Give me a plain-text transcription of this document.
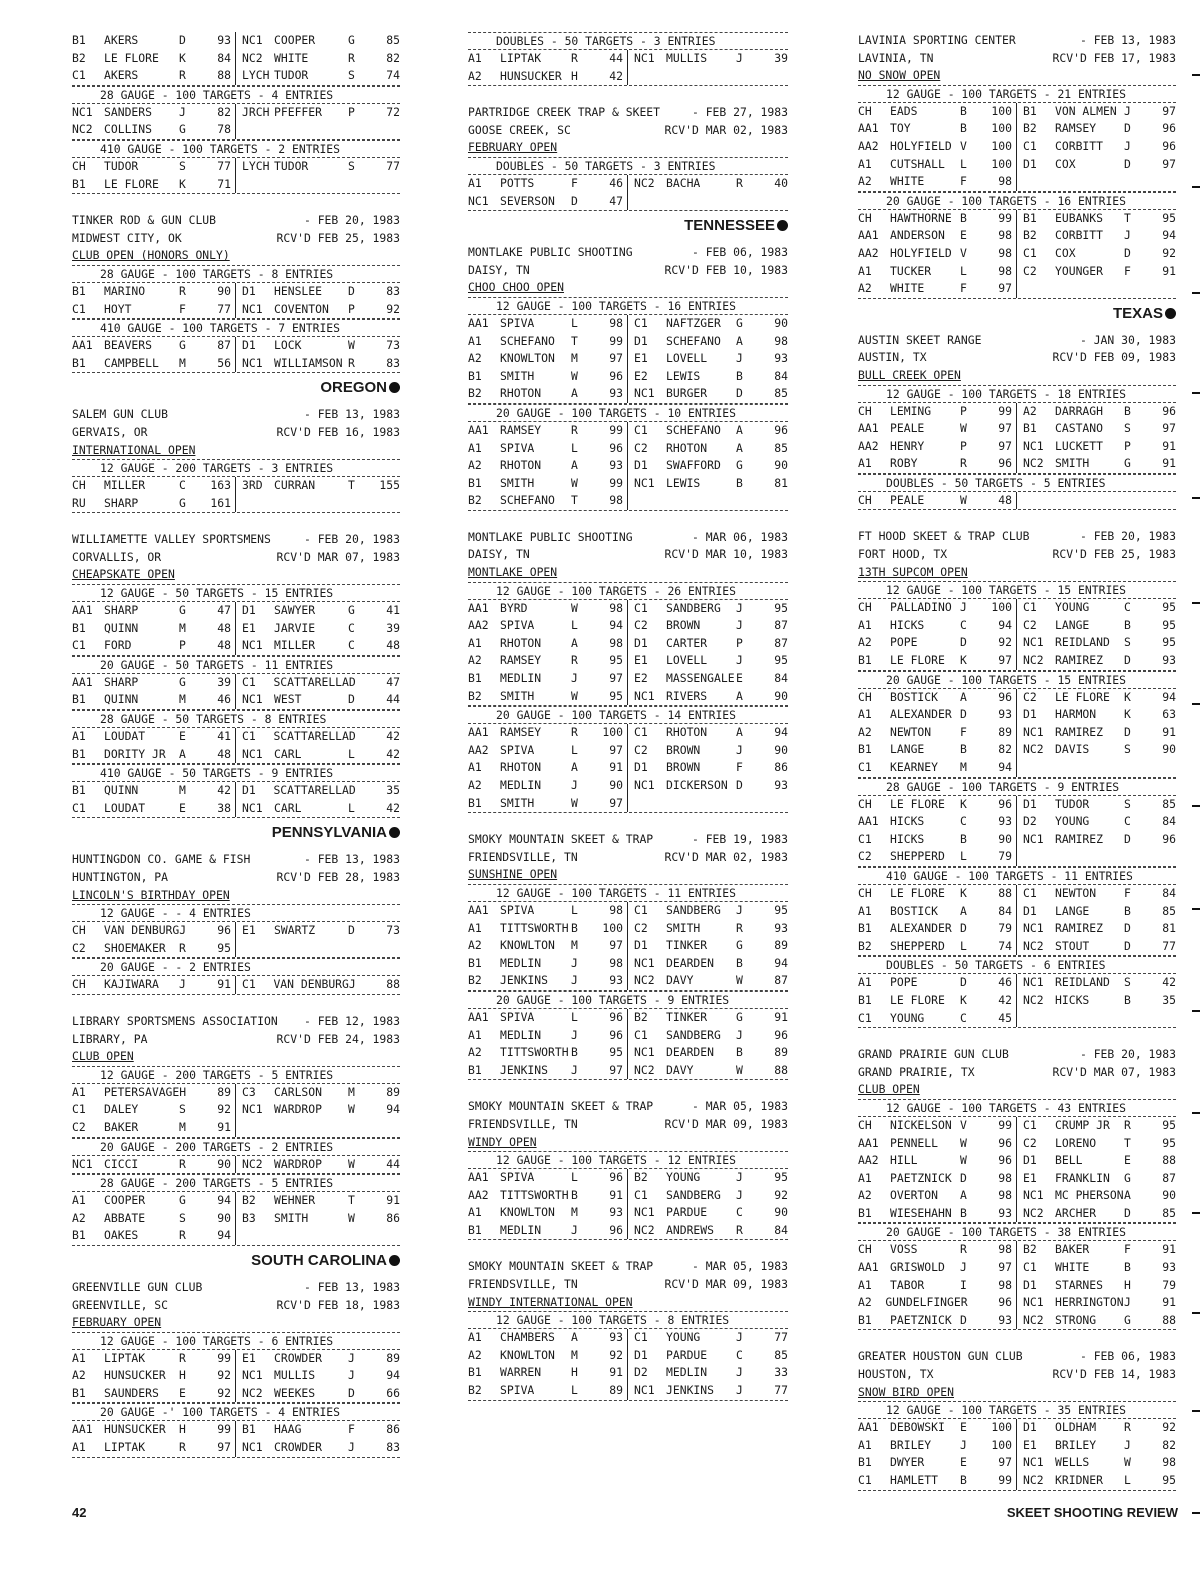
B1	AKERS	D	93 NC1	COOPER	G	85
B2	LE FLORE	K	84 NC2	WHITE	R	82
C1	AKERS	R	88 LYCH TUDOR	S	74
28 GAUGE - 100 TARGETS - 4 ENTRIES
NC1	SANDERS	J	82 JRCH PFEFFER	P	72
NC2	COLLINS	G	78
410 GAUGE - 100 TARGETS - 2 ENTRIES
CH	TUDOR	S	77 LYCH TUDOR	S	77
B1	LE FLORE	K	71
TINKER ROD & GUN CLUB	- FEB 20, 1983
MIDWEST CITY, OK	RCV'D FEB 25, 1983
CLUB OPEN (HONORS ONLY)
28 GAUGE - 100 TARGETS - 8 ENTRIES
B1	MARINO	R	90 D1	HENSLEE	D	83
C1	HOYT	F	77 NC1	COVENTON	P	92
410 GAUGE - 100 TARGETS - 7 ENTRIES
AA1	BEAVERS	G	87 D1	LOCK	W	73
B1	CAMPBELL	M	56 NC1	WILLIAMSON R	83
OREGON
SALEM GUN CLUB	- FEB 13, 1983
GERVAIS, OR	RCV'D FEB 16, 1983
INTERNATIONAL OPEN
12 GAUGE - 200 TARGETS - 3 ENTRIES
CH	MILLER	C	163 3RD	CURRAN	T	155
RU	SHARP	G	161
WILLIAMETTE VALLEY SPORTSMENS	- FEB 20, 1983
CORVALLIS, OR	RCV'D MAR 07, 1983
CHEAPSKATE OPEN
12 GAUGE - 50 TARGETS - 15 ENTRIES
AA1	SHARP	G	47 D1	SAWYER	G	41
B1	QUINN	M	48 E1	JARVIE	C	39
C1	FORD	P	48 NC1	MILLER	C	48
20 GAUGE - 50 TARGETS - 11 ENTRIES
AA1	SHARP	G	39 C1	SCATTARELLA D	47
B1	QUINN	M	46 NC1	WEST	D	44
28 GAUGE - 50 TARGETS - 8 ENTRIES
A1	LOUDAT	E	41 C1	SCATTARELLA D	42
B1	DORITY JR	A	48 NC1	CARL	L	42
410 GAUGE - 50 TARGETS - 9 ENTRIES
B1	QUINN	M	42 D1	SCATTARELLA D	35
C1	LOUDAT	E	38 NC1	CARL	L	42
PENNSYLVANIA
HUNTINGDON CO. GAME & FISH	- FEB 13, 1983
HUNTINGTON, PA	RCV'D FEB 28, 1983
LINCOLN'S BIRTHDAY OPEN
12 GAUGE - - 4 ENTRIES
CH	VAN DENBURG J	96 E1	SWARTZ	D	73
C2	SHOEMAKER	R	95
20 GAUGE - - 2 ENTRIES
CH	KAJIWARA	J	91 C1	VAN DENBURG J	88
LIBRARY SPORTSMENS ASSOCIATION - FEB 12, 1983
LIBRARY, PA	RCV'D FEB 24, 1983
CLUB OPEN
12 GAUGE - 200 TARGETS - 5 ENTRIES
A1	PETERSAVAGE H	89 C3	CARLSON	M	89
C1	DALEY	S	92 NC1	WARDROP	W	94
C2	BAKER	M	91
20 GAUGE - 200 TARGETS - 2 ENTRIES
NC1	CICCI	R	90 NC2	WARDROP	W	44
28 GAUGE - 200 TARGETS - 5 ENTRIES
A1	COOPER	G	94 B2	WEHNER	T	91
A2	ABBATE	S	90 B3	SMITH	W	86
B1	OAKES	R	94
SOUTH CAROLINA
GREENVILLE GUN CLUB	- FEB 13, 1983
GREENVILLE, SC	RCV'D FEB 18, 1983
FEBRUARY OPEN
12 GAUGE - 100 TARGETS - 6 ENTRIES
A1	LIPTAK	R	99 E1	CROWDER	J	89
A2	HUNSUCKER	H	92 NC1	MULLIS	J	94
B1	SAUNDERS	E	92 NC2	WEEKES	D	66
20 GAUGE -' 100 TARGETS - 4 ENTRIES
AA1	HUNSUCKER	H	99 B1	HAAG	F	86
A1	LIPTAK	R	97 NC1	CROWDER	J	83
DOUBLES - 50 TARGETS - 3 ENTRIES
A1	LIPTAK	R	44 NC1	MULLIS	J	39
A2	HUNSUCKER H	42
PARTRIDGE CREEK TRAP & SKEET	- FEB 27, 1983
GOOSE CREEK, SC	RCV'D MAR 02, 1983
FEBRUARY OPEN
DOUBLES - 50 TARGETS - 3 ENTRIES
A1	POTTS	F	46 NC2	BACHA	R	40
NC1	SEVERSON	D	47
TENNESSEE
MONTLAKE PUBLIC SHOOTING	- FEB 06, 1983
DAISY, TN	RCV'D FEB 10, 1983
CHOO CHOO OPEN
12 GAUGE - 100 TARGETS - 16 ENTRIES
AA1	SPIVA	L	98 C1	NAFTZGER	G	90
A1	SCHEFANO	T	99 D1	SCHEFANO	A	98
A2	KNOWLTON	M	97 E1	LOVELL	J	93
B1	SMITH	W	96 E2	LEWIS	B	84
B2	RHOTON	A	93 NC1	BURGER	D	85
20 GAUGE - 100 TARGETS - 10 ENTRIES
AA1	RAMSEY	R	99 C1	SCHEFANO	A	96
A1	SPIVA	L	96 C2	RHOTON	A	85
A2	RHOTON	A	93 D1	SWAFFORD	G	90
B1	SMITH	W	99 NC1	LEWIS	B	81
B2	SCHEFANO	T	98
MONTLAKE PUBLIC SHOOTING	- MAR 06, 1983
DAISY, TN	RCV'D MAR 10, 1983
MONTLAKE OPEN
12 GAUGE - 100 TARGETS - 26 ENTRIES
AA1	BYRD	W	98 C1	SANDBERG	J	95
AA2	SPIVA	L	94 C2	BROWN	J	87
A1	RHOTON	A	98 D1	CARTER	P	87
A2	RAMSEY	R	95 E1	LOVELL	J	95
B1	MEDLIN	J	97 E2	MASSENGALE E	84
B2	SMITH	W	95 NC1	RIVERS	A	90
20 GAUGE - 100 TARGETS - 14 ENTRIES
AA1	RAMSEY	R	100 C1	RHOTON	A	94
AA2	SPIVA	L	97 C2	BROWN	J	90
A1	RHOTON	A	91 D1	BROWN	F	86
A2	MEDLIN	J	90 NC1	DICKERSON D	93
B1	SMITH	W	97
SMOKY MOUNTAIN SKEET & TRAP	- FEB 19, 1983
FRIENDSVILLE, TN	RCV'D MAR 02, 1983
SUNSHINE OPEN
12 GAUGE - 100 TARGETS - 11 ENTRIES
AA1	SPIVA	L	98 C1	SANDBERG	J	95
A1	TITTSWORTH B	100 C2	SMITH	R	93
A2	KNOWLTON	M	97 D1	TINKER	G	89
B1	MEDLIN	J	98 NC1	DEARDEN	B	94
B2	JENKINS	J	93 NC2	DAVY	W	87
20 GAUGE - 100 TARGETS - 9 ENTRIES
AA1	SPIVA	L	96 B2	TINKER	G	91
A1	MEDLIN	J	96 C1	SANDBERG	J	96
A2	TITTSWORTH B	95 NC1	DEARDEN	B	89
B1	JENKINS	J	97 NC2	DAVY	W	88
SMOKY MOUNTAIN SKEET & TRAP	- MAR 05, 1983
FRIENDSVILLE, TN	RCV'D MAR 09, 1983
WINDY OPEN
12 GAUGE - 100 TARGETS - 12 ENTRIES
AA1	SPIVA	L	96 B2	YOUNG	J	95
AA2	TITTSWORTH B	91 C1	SANDBERG	J	92
A1	KNOWLTON	M	93 NC1	PARDUE	C	90
B1	MEDLIN	J	96 NC2	ANDREWS	R	84
SMOKY MOUNTAIN SKEET & TRAP	- MAR 05, 1983
FRIENDSVILLE, TN	RCV'D MAR 09, 1983
WINDY INTERNATIONAL OPEN
12 GAUGE - 100 TARGETS - 8 ENTRIES
A1	CHAMBERS	A	93 C1	YOUNG	J	77
A2	KNOWLTON	M	92 D1	PARDUE	C	85
B1	WARREN	H	91 D2	MEDLIN	J	33
B2	SPIVA	L	89 NC1	JENKINS	J	77
LAVINIA SPORTING CENTER	- FEB 13, 1983
LAVINIA, TN	RCV'D FEB 17, 1983
NO SNOW OPEN
12 GAUGE - 100 TARGETS - 21 ENTRIES
CH	EADS	B	100 B1	VON ALMEN J	97
AA1	TOY	B	100 B2	RAMSEY	D	96
AA2	HOLYFIELD V	100 C1	CORBITT	J	96
A1	CUTSHALL	L	100 D1	COX	D	97
A2	WHITE	F	98
20 GAUGE - 100 TARGETS - 16 ENTRIES
CH	HAWTHORNE B	99 B1	EUBANKS	T	95
AA1	ANDERSON	E	98 B2	CORBITT	J	94
AA2	HOLYFIELD V	98 C1	COX	D	92
A1	TUCKER	L	98 C2	YOUNGER	F	91
A2	WHITE	F	97
TEXAS
AUSTIN SKEET RANGE	- JAN 30, 1983
AUSTIN, TX	RCV'D FEB 09, 1983
BULL CREEK OPEN
12 GAUGE - 100 TARGETS - 18 ENTRIES
CH	LEMING	P	99 A2	DARRAGH	B	96
AA1	PEALE	W	97 B1	CASTANO	S	97
AA2	HENRY	P	97 NC1	LUCKETT	P	91
A1	ROBY	R	96 NC2	SMITH	G	91
DOUBLES - 50 TARGETS - 5 ENTRIES
CH	PEALE	W	48
FT HOOD SKEET & TRAP CLUB	- FEB 20, 1983
FORT HOOD, TX	RCV'D FEB 25, 1983
13TH SUPCOM OPEN
12 GAUGE - 100 TARGETS - 15 ENTRIES
CH	PALLADINO J	100 C1	YOUNG	C	95
A1	HICKS	C	94 C2	LANGE	B	95
A2	POPE	D	92 NC1	REIDLAND	S	95
B1	LE FLORE	K	97 NC2	RAMIREZ	D	93
20 GAUGE - 100 TARGETS - 15 ENTRIES
CH	BOSTICK	A	96 C2	LE FLORE	K	94
A1	ALEXANDER D	93 D1	HARMON	K	63
A2	NEWTON	F	89 NC1	RAMIREZ	D	91
B1	LANGE	B	82 NC2	DAVIS	S	90
C1	KEARNEY	M	94
28 GAUGE - 100 TARGETS - 9 ENTRIES
CH	LE FLORE	K	96 D1	TUDOR	S	85
AA1	HICKS	C	93 D2	YOUNG	C	84
C1	HICKS	B	90 NC1	RAMIREZ	D	96
C2	SHEPPERD	L	79
410 GAUGE - 100 TARGETS - 11 ENTRIES
CH	LE FLORE	K	88 C1	NEWTON	F	84
A1	BOSTICK	A	84 D1	LANGE	B	85
B1	ALEXANDER D	79 NC1	RAMIREZ	D	81
B2	SHEPPERD	L	74 NC2	STOUT	D	77
DOUBLES - 50 TARGETS - 6 ENTRIES
A1	POPE	D	46 NC1	REIDLAND	S	42
B1	LE FLORE	K	42 NC2	HICKS	B	35
C1	YOUNG	C	45
GRAND PRAIRIE GUN CLUB	- FEB 20, 1983
GRAND PRAIRIE, TX	RCV'D MAR 07, 1983
CLUB OPEN
12 GAUGE - 100 TARGETS - 43 ENTRIES
CH	NICKELSON V	99 C1	CRUMP JR	R	95
AA1	PENNELL	W	96 C2	LORENO	T	95
AA2	HILL	W	96 D1	BELL	E	88
A1	PAETZNICK D	98 E1	FRANKLIN	G	87
A2	OVERTON	A	98 NC1	MC PHERSON A	90
B1	WIESEHAHN B	93 NC2	ARCHER	D	85
20 GAUGE - 100 TARGETS - 38 ENTRIES
CH	VOSS	R	98 B2	BAKER	F	91
AA1	GRISWOLD	J	97 C1	WHITE	B	93
A1	TABOR	I	98 D1	STARNES	H	79
A2	GUNDELFINGER	96 NC1	HERRINGTON J	91
B1	PAETZNICK D	93 NC2	STRONG	G	88
GREATER HOUSTON GUN CLUB	- FEB 06, 1983
HOUSTON, TX	RCV'D FEB 14, 1983
SNOW BIRD OPEN
12 GAUGE - 100 TARGETS - 35 ENTRIES
AA1	DEBOWSKI	E	100 D1	OLDHAM	R	92
A1	BRILEY	J	100 E1	BRILEY	J	82
B1	DWYER	E	97 NC1	WELLS	W	98
C1	HAMLETT	B	99 NC2	KRIDNER	L	95
42	SKEET SHOOTING REVIEW
